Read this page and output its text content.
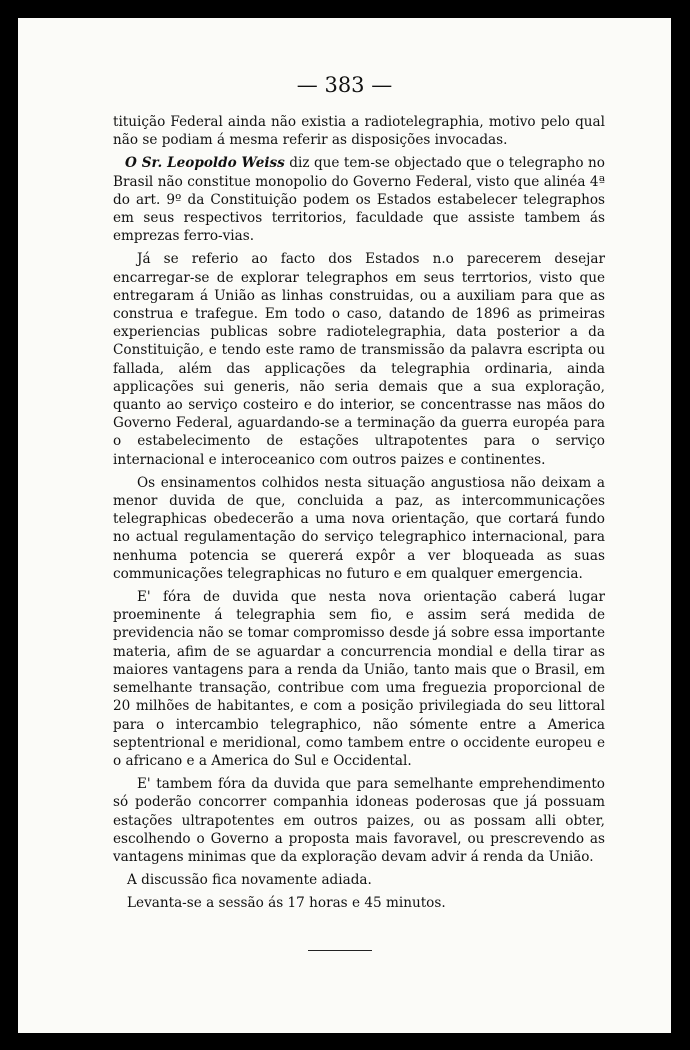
— 383 —

tituição Federal ainda não existia a radiotelegraphia, motivo pelo qual não se podiam á mesma referir as disposições invocadas.

O Sr. Leopoldo Weiss diz que tem-se objectado que o telegrapho no Brasil não constitue monopolio do Governo Federal, visto que alinéa 4ª do art. 9º da Constituição podem os Estados estabelecer telegraphos em seus respectivos territorios, faculdade que assiste tambem ás emprezas ferro-vias.

Já se referio ao facto dos Estados n.o parecerem desejar encarregar-se de explorar telegraphos em seus terrtorios, visto que entregaram á União as linhas construidas, ou a auxiliam para que as construa e trafegue. Em todo o caso, datando de 1896 as primeiras experiencias publicas sobre radiotelegraphia, data posterior a da Constituição, e tendo este ramo de transmissão da palavra escripta ou fallada, além das applicações da telegraphia ordinaria, ainda applicações sui generis, não seria demais que a sua exploração, quanto ao serviço costeiro e do interior, se concentrasse nas mãos do Governo Federal, aguardando-se a terminação da guerra européa para o estabelecimento de estações ultrapotentes para o serviço internacional e interoceanico com outros paizes e continentes.

Os ensinamentos colhidos nesta situação angustiosa não deixam a menor duvida de que, concluida a paz, as intercommunicações telegraphicas obedecerão a uma nova orientação, que cortará fundo no actual regulamentação do serviço telegraphico internacional, para nenhuma potencia se quererá expôr a ver bloqueada as suas communicações telegraphicas no futuro e em qualquer emergencia.

E' fóra de duvida que nesta nova orientação caberá lugar proeminente á telegraphia sem fio, e assim será medida de previdencia não se tomar compromisso desde já sobre essa importante materia, afim de se aguardar a concurrencia mondial e della tirar as maiores vantagens para a renda da União, tanto mais que o Brasil, em semelhante transação, contribue com uma freguezia proporcional de 20 milhões de habitantes, e com a posição privilegiada do seu littoral para o intercambio telegraphico, não sómente entre a America septentrional e meridional, como tambem entre o occidente europeu e o africano e a America do Sul e Occidental.

E' tambem fóra da duvida que para semelhante emprehendimento só poderão concorrer companhia idoneas poderosas que já possuam estações ultrapotentes em outros paizes, ou as possam alli obter, escolhendo o Governo a proposta mais favoravel, ou prescrevendo as vantagens minimas que da exploração devam advir á renda da União.

A discussão fica novamente adiada.

Levanta-se a sessão ás 17 horas e 45 minutos.
